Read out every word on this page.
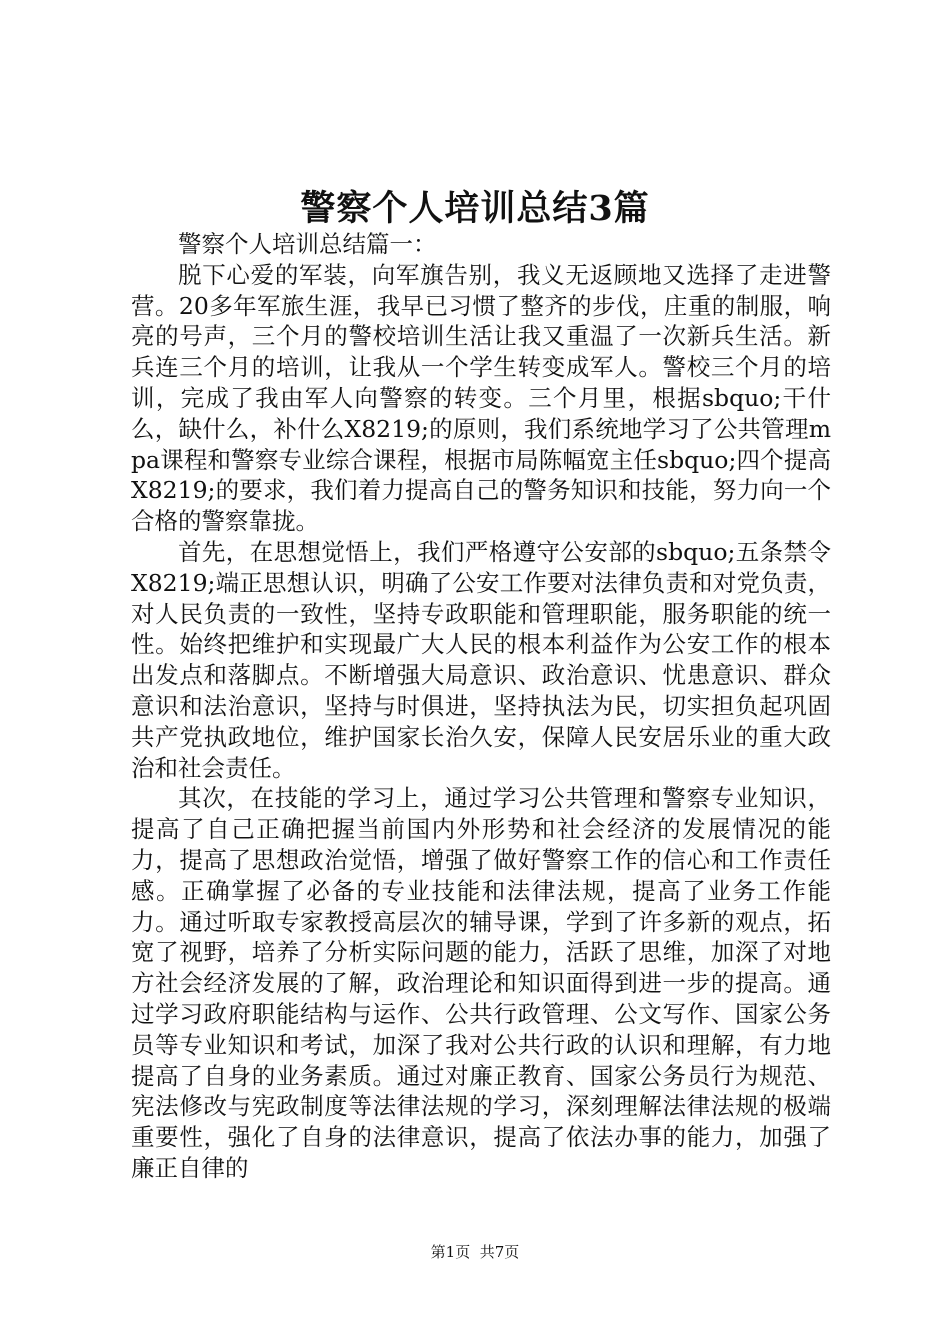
警察个人培训总结3篇

警察个人培训总结篇一：

脱下心爱的军装，向军旗告别，我义无返顾地又选择了走进警营。20多年军旅生涯，我早已习惯了整齐的步伐，庄重的制服，响亮的号声，三个月的警校培训生活让我又重温了一次新兵生活。新兵连三个月的培训，让我从一个学生转变成军人。警校三个月的培训，完成了我由军人向警察的转变。三个月里，根据sbquo;干什么，缺什么，补什么X8219;的原则，我们系统地学习了公共管理mpa课程和警察专业综合课程，根据市局陈幅宽主任sbquo;四个提高X8219;的要求，我们着力提高自己的警务知识和技能，努力向一个合格的警察靠拢。

首先，在思想觉悟上，我们严格遵守公安部的sbquo;五条禁令X8219;端正思想认识，明确了公安工作要对法律负责和对党负责，对人民负责的一致性，坚持专政职能和管理职能，服务职能的统一性。始终把维护和实现最广大人民的根本利益作为公安工作的根本出发点和落脚点。不断增强大局意识、政治意识、忧患意识、群众意识和法治意识，坚持与时俱进，坚持执法为民，切实担负起巩固共产党执政地位，维护国家长治久安，保障人民安居乐业的重大政治和社会责任。

其次，在技能的学习上，通过学习公共管理和警察专业知识，提高了自己正确把握当前国内外形势和社会经济的发展情况的能力，提高了思想政治觉悟，增强了做好警察工作的信心和工作责任感。正确掌握了必备的专业技能和法律法规，提高了业务工作能力。通过听取专家教授高层次的辅导课，学到了许多新的观点，拓宽了视野，培养了分析实际问题的能力，活跃了思维，加深了对地方社会经济发展的了解，政治理论和知识面得到进一步的提高。通过学习政府职能结构与运作、公共行政管理、公文写作、国家公务员等专业知识和考试，加深了我对公共行政的认识和理解，有力地提高了自身的业务素质。通过对廉正教育、国家公务员行为规范、宪法修改与宪政制度等法律法规的学习，深刻理解法律法规的极端重要性，强化了自身的法律意识，提高了依法办事的能力，加强了廉正自律的

第1页 共7页
